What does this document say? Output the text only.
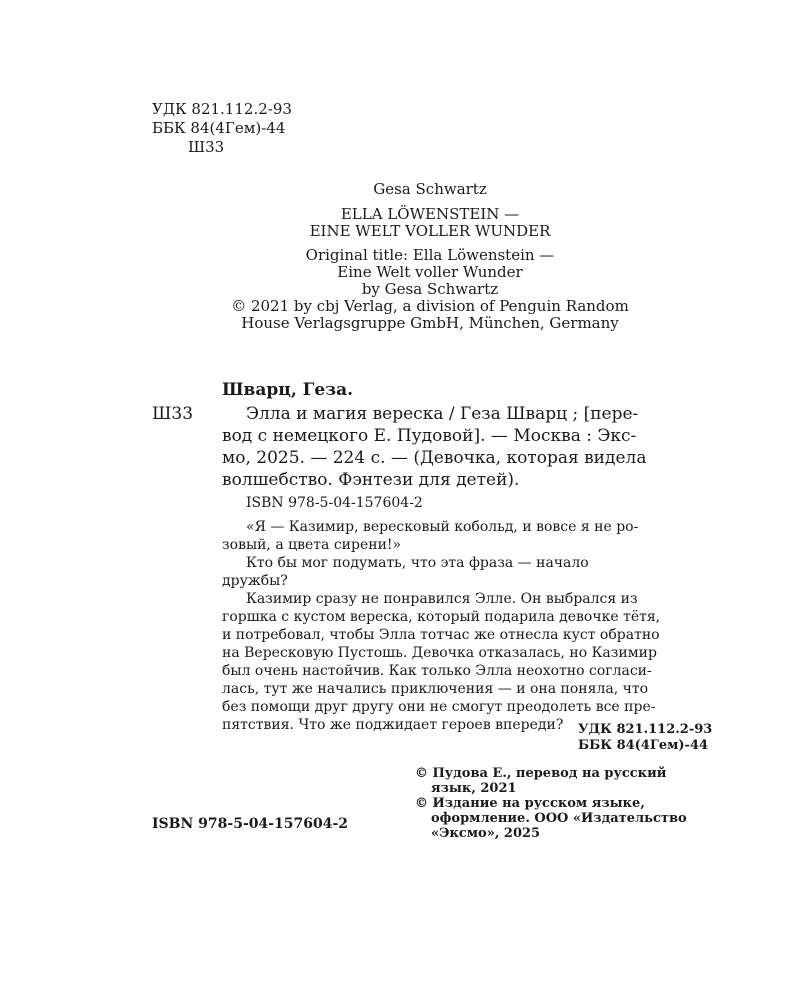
УДК 821.112.2-93
ББК 84(4Гем)-44
Ш33
Gesa Schwartz
ELLA LÖWENSTEIN —
EINE WELT VOLLER WUNDER
Original title: Ella Löwenstein —
Eine Welt voller Wunder
by Gesa Schwartz
© 2021 by cbj Verlag, a division of Penguin Random
House Verlagsgruppe GmbH, München, Germany
Шварц, Геза.
Ш33	Элла и магия вереска / Геза Шварц ; [пере-
вод с немецкого Е. Пудовой]. — Москва : Экс-
мо, 2025. — 224 с. — (Девочка, которая видела
волшебство. Фэнтези для детей).
ISBN 978-5-04-157604-2
«Я — Казимир, вересковый кобольд, и вовсе я не ро-
зовый, а цвета сирени!»
Кто бы мог подумать, что эта фраза — начало
дружбы?
Казимир сразу не понравился Элле. Он выбрался из
горшка с кустом вереска, который подарила девочке тётя,
и потребовал, чтобы Элла тотчас же отнесла куст обратно
на Вересковую Пустошь. Девочка отказалась, но Казимир
был очень настойчив. Как только Элла неохотно согласи-
лась, тут же начались приключения — и она поняла, что
без помощи друг другу они не смогут преодолеть все пре-
пятствия. Что же поджидает героев впереди? УДК 821.112.2-93
ББК 84(4Гем)-44
© Пудова Е., перевод на русский
язык, 2021
© Издание на русском языке,
оформление. ООО «Издательство
«Эксмо», 2025
ISBN 978-5-04-157604-2
